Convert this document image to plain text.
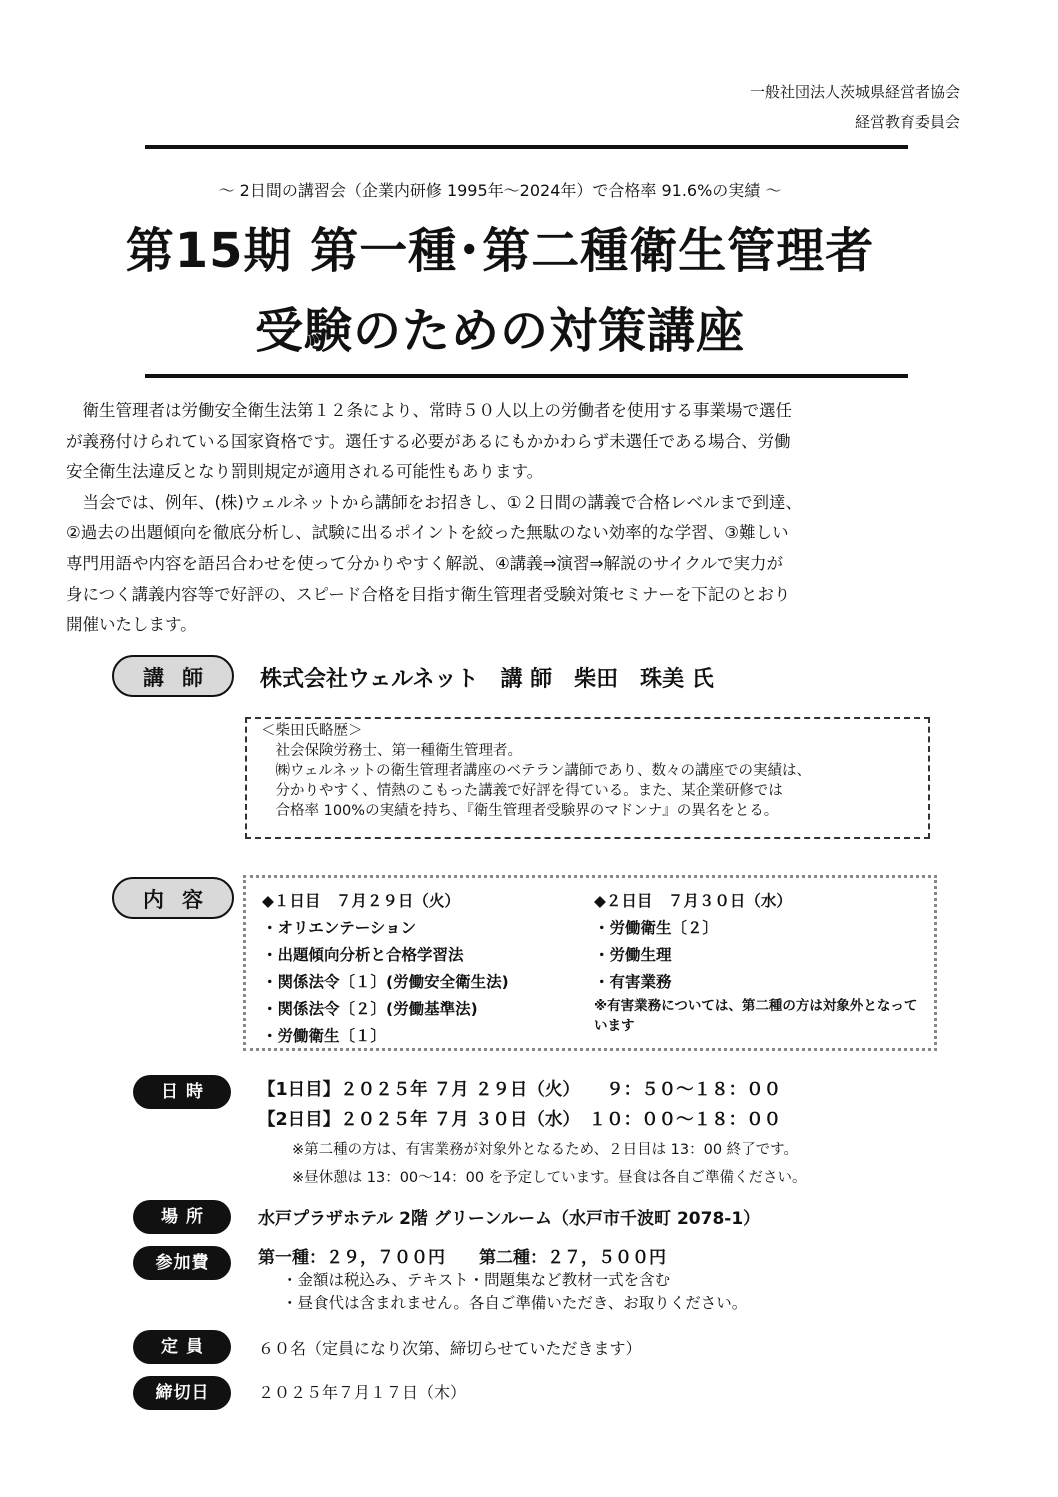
一般社団法人茨城県経営者協会
経営教育委員会
～ 2日間の講習会（企業内研修 1995年～2024年）で合格率 91.6%の実績 ～
第15期 第一種･第二種衛生管理者
受験のための対策講座

衛生管理者は労働安全衛生法第１２条により、常時５０人以上の労働者を使用する事業場で選任

が義務付けられている国家資格です。選任する必要があるにもかかわらず未選任である場合、労働
安全衛生法違反となり罰則規定が適用される可能性もあります。

当会では、例年、(株)ウェルネットから講師をお招きし、①２日間の講義で合格レベルまで到達、

②過去の出題傾向を徹底分析し、試験に出るポイントを絞った無駄のない効率的な学習、③難しい
専門用語や内容を語呂合わせを使って分かりやすく解説、④講義⇒演習⇒解説のサイクルで実力が
身につく講義内容等で好評の、スピード合格を目指す衛生管理者受験対策セミナーを下記のとおり
開催いたします。
講師	株式会社ウェルネット　講 師　柴田　珠美 氏
＜柴田氏略歴＞
　社会保険労務士、第一種衛生管理者。
　㈱ウェルネットの衛生管理者講座のベテラン講師であり、数々の講座での実績は、
　分かりやすく、情熱のこもった講義で好評を得ている。また、某企業研修では
　合格率 100%の実績を持ち、『衛生管理者受験界のマドンナ』の異名をとる。
内容	◆１日目　７月２９日（火）
・オリエンテーション
・出題傾向分析と合格学習法
・関係法令〔１〕(労働安全衛生法)
・関係法令〔２〕(労働基準法)
・労働衛生〔１〕
◆２日目　７月３０日（水）
・労働衛生〔２〕
・労働生理
・有害業務
※有害業務については、第二種の方は対象外となっています
日時	【1日目】２０２５年 ７月 ２９日（火）　　９：５０～１８：００
【2日目】２０２５年 ７月 ３０日（水）　１０：００～１８：００
※第二種の方は、有害業務が対象外となるため、２日目は 13：00 終了です。
※昼休憩は 13：00～14：00 を予定しています。昼食は各自ご準備ください。
場所	水戸プラザホテル 2階 グリーンルーム（水戸市千波町 2078-1）
参加費	第一種：２９，７００円　　第二種：２７，５００円
・金額は税込み、テキスト・問題集など教材一式を含む
・昼食代は含まれません。各自ご準備いただき、お取りください。
定員	６０名（定員になり次第、締切らせていただきます）
締切日	２０２５年７月１７日（木）
